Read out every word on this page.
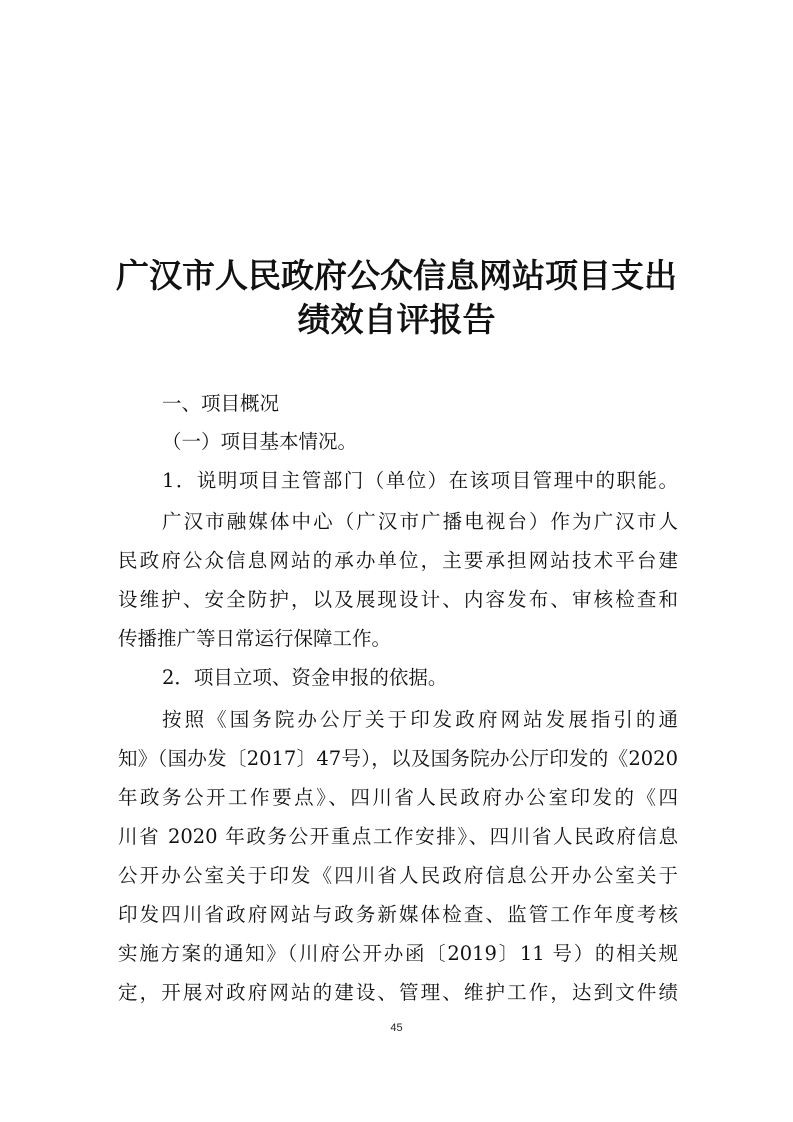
广汉市人民政府公众信息网站项目支出
绩效自评报告
一、项目概况
（一）项目基本情况。
1．说明项目主管部门（单位）在该项目管理中的职能。
广汉市融媒体中心（广汉市广播电视台）作为广汉市人
民政府公众信息网站的承办单位，主要承担网站技术平台建
设维护、安全防护，以及展现设计、内容发布、审核检查和
传播推广等日常运行保障工作。
2．项目立项、资金申报的依据。
按照《国务院办公厅关于印发政府网站发展指引的通
知》（国办发〔2017〕47号），以及国务院办公厅印发的《2020
年政务公开工作要点》、四川省人民政府办公室印发的《四
川省 2020 年政务公开重点工作安排》、四川省人民政府信息
公开办公室关于印发《四川省人民政府信息公开办公室关于
印发四川省政府网站与政务新媒体检查、监管工作年度考核
实施方案的通知》（川府公开办函〔2019〕11 号）的相关规
定，开展对政府网站的建设、管理、维护工作，达到文件绩
45
